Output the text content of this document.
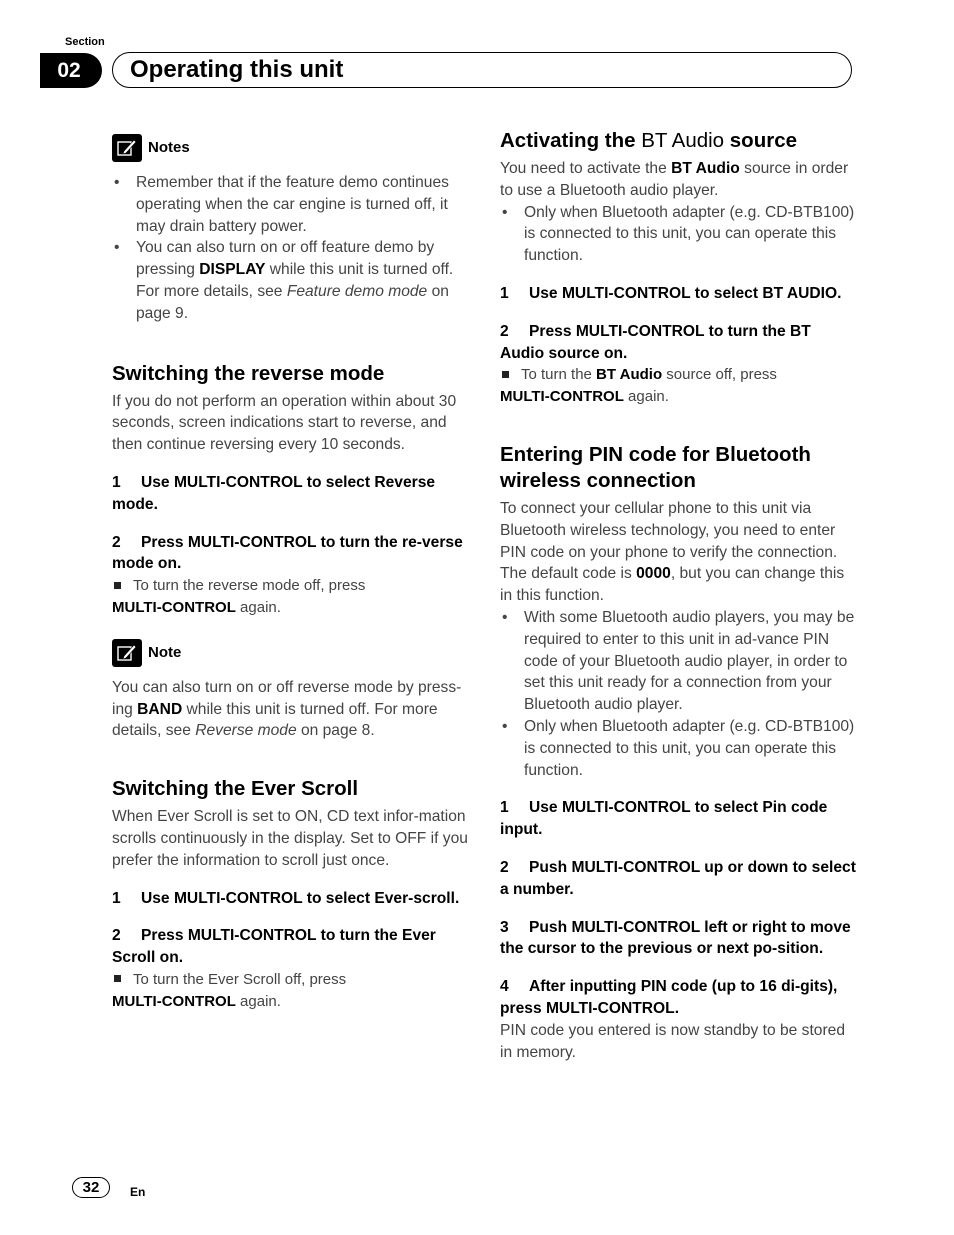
Section
02	Operating this unit
Notes
• Remember that if the feature demo continues operating when the car engine is turned off, it may drain battery power.
• You can also turn on or off feature demo by pressing DISPLAY while this unit is turned off. For more details, see Feature demo mode on page 9.
Switching the reverse mode
If you do not perform an operation within about 30 seconds, screen indications start to reverse, and then continue reversing every 10 seconds.
1 Use MULTI-CONTROL to select Reverse mode.
2 Press MULTI-CONTROL to turn the re-verse mode on.
To turn the reverse mode off, press
MULTI-CONTROL again.
Note
You can also turn on or off reverse mode by press-ing BAND while this unit is turned off. For more details, see Reverse mode on page 8.
Switching the Ever Scroll
When Ever Scroll is set to ON, CD text infor-mation scrolls continuously in the display. Set to OFF if you prefer the information to scroll just once.
1 Use MULTI-CONTROL to select Ever-scroll.
2 Press MULTI-CONTROL to turn the Ever Scroll on.
To turn the Ever Scroll off, press
MULTI-CONTROL again.
Activating the BT Audio source
You need to activate the BT Audio source in order to use a Bluetooth audio player.
• Only when Bluetooth adapter (e.g. CD-BTB100) is connected to this unit, you can operate this function.
1 Use MULTI-CONTROL to select BT AUDIO.
2 Press MULTI-CONTROL to turn the BT Audio source on.
To turn the BT Audio source off, press
MULTI-CONTROL again.
Entering PIN code for Bluetooth wireless connection
To connect your cellular phone to this unit via Bluetooth wireless technology, you need to enter PIN code on your phone to verify the connection. The default code is 0000, but you can change this in this function.
• With some Bluetooth audio players, you may be required to enter to this unit in ad-vance PIN code of your Bluetooth audio player, in order to set this unit ready for a connection from your Bluetooth audio player.
• Only when Bluetooth adapter (e.g. CD-BTB100) is connected to this unit, you can operate this function.
1 Use MULTI-CONTROL to select Pin code input.
2 Push MULTI-CONTROL up or down to select a number.
3 Push MULTI-CONTROL left or right to move the cursor to the previous or next po-sition.
4 After inputting PIN code (up to 16 di-gits), press MULTI-CONTROL.
PIN code you entered is now standby to be stored in memory.
32	En
